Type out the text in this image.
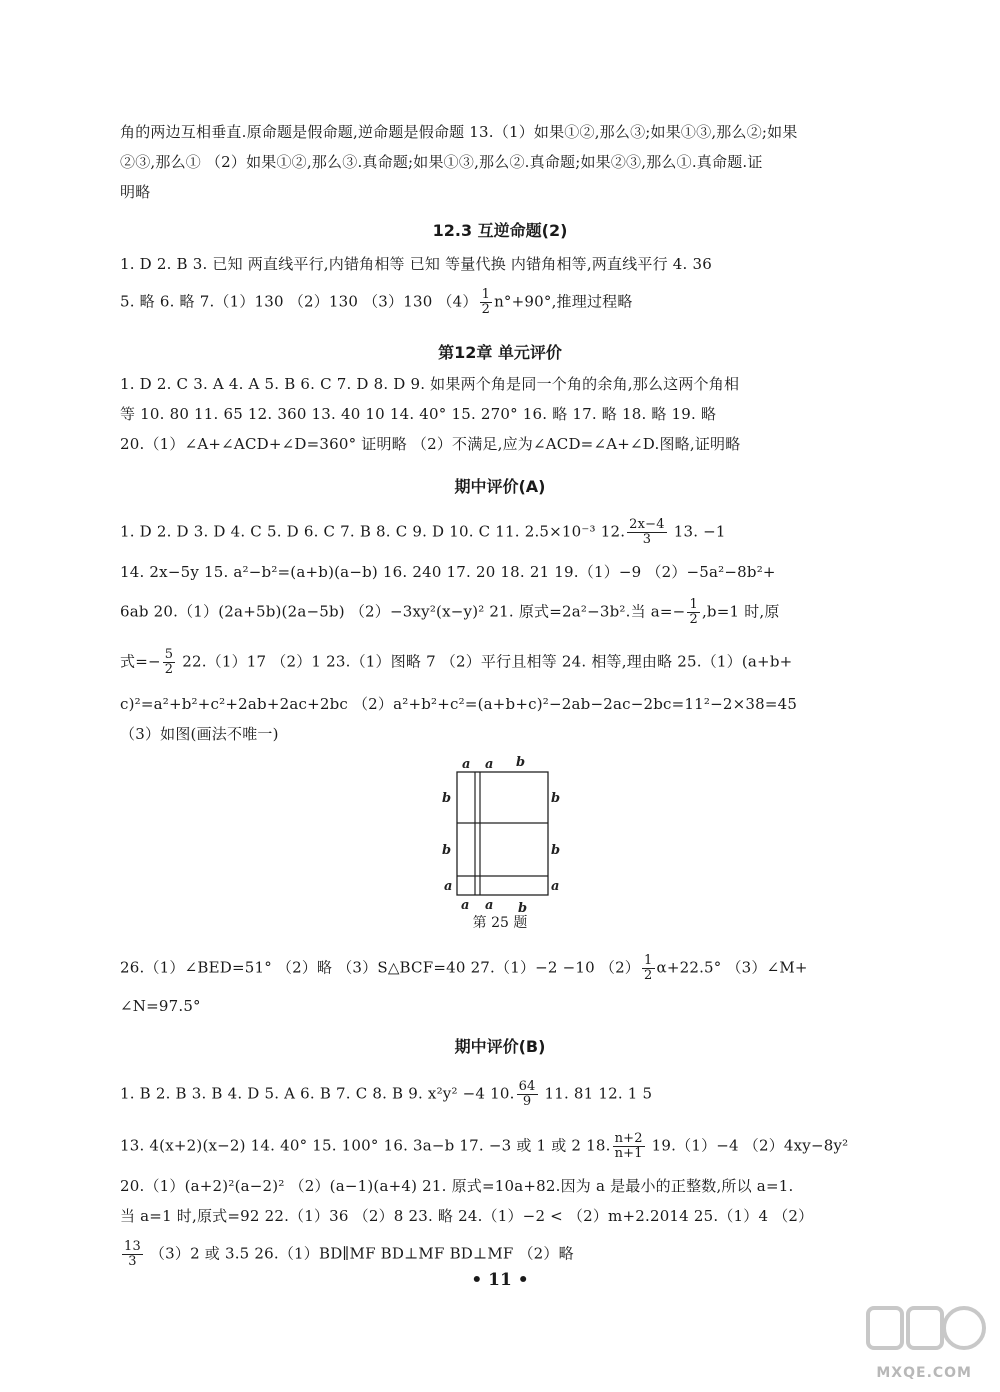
角的两边互相垂直.原命题是假命题,逆命题是假命题 13.（1）如果①②,那么③;如果①③,那么②;如果
②③,那么① （2）如果①②,那么③.真命题;如果①③,那么②.真命题;如果②③,那么①.真命题.证
明略
12.3 互逆命题(2)
1. D 2. B 3. 已知 两直线平行,内错角相等 已知 等量代换 内错角相等,两直线平行 4. 36
5. 略 6. 略 7.（1）130 （2）130 （3）130 $(4) \frac{1}{2} n^\circ+90^\circ$,推理过程略
第12章 单元评价
1. D 2. C 3. A 4. A 5. B 6. C 7. D 8. D 9. 如果两个角是同一个角的余角,那么这两个角相
等 10. 80 11. 65 12. 360 13. 40 10 14. 40° 15. 270° 16. 略 17. 略 18. 略 19. 略
20.（1）∠A+∠ACD+∠D=360° 证明略 （2）不满足,应为∠ACD=∠A+∠D.图略,证明略
期中评价(A)
1. D 2. D 3. D 4. C 5. D 6. C 7. B 8. C 9. D 10. C 11. 2.5×10⁻³ 12. $\frac{2x-4}{3} 13$. −1
14. 2x−5y 15. a²−b²=(a+b)(a−b) 16. 240 17. 20 18. 21 19.（1）−9 （2）−5a²−8b²+
6ab 20.（1）(2a+5b)(2a−5b) （2）−3xy²(x−y)² 21. 原式=2a²−3b².当 $a=- \frac{1}{2} ,b=1$ 时,原
式=− $\frac{5}{2} 22.(1)17$ （2）1 23.（1）图略 7 （2）平行且相等 24. 相等,理由略 25.（1）(a+b+
c)²=a²+b²+c²+2ab+2ac+2bc （2）a²+b²+c²=(a+b+c)²−2ab−2ac−2bc=11²−2×38=45
（3）如图(画法不唯一)
a a b
b
b
a
b
b
a
a a b
第 25 题
26.（1）∠BED=51° （2）略 （3）S△BCF=40 27.（1）−2 −10 $(2) \frac{1}{2} \alpha+22.5^\circ$ （3）∠M+
∠N=97.5°
期中评价(B)
1. B 2. B 3. B 4. D 5. A 6. B 7. C 8. B 9. x²y² −4 10. $\frac{64}{9} 11$. 81 12. 1 5
13. 4(x+2)(x−2) 14. 40° 15. 100° 16. 3a−b 17. −3 或 1 或 2 18. $\frac{n+2}{n+1} 19.(1)-4$ （2）4xy−8y²
20.（1）(a+2)²(a−2)² （2）(a−1)(a+4) 21. 原式=10a+82.因为 a 是最小的正整数,所以 a=1.
当 a=1 时,原式=92 22.（1）36 （2）8 23. 略 24.（1）−2 < （2）m+2.2014 25.（1）4 （2）
$\frac{13}{3} (3)2$ 或 3.5 26.（1）BD∥MF BD⊥MF BD⊥MF （2）略
• 11 •
MXQE.COM
